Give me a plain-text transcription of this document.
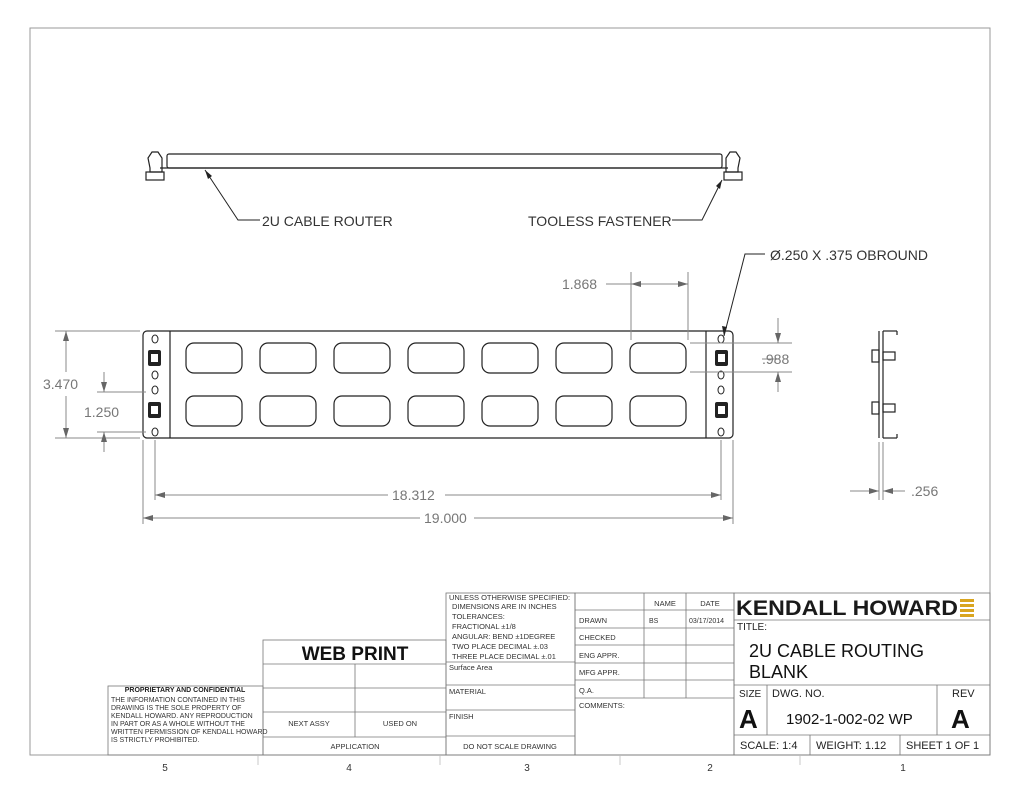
2U CABLE ROUTER	TOOLESS FASTENER
Ø.250 X .375 OBROUND
1.868
.988
3.470
1.250
18.312
19.000
.256
PROPRIETARY AND CONFIDENTIAL
THE INFORMATION CONTAINED IN THIS
DRAWING IS THE SOLE PROPERTY OF
KENDALL HOWARD. ANY REPRODUCTION
IN PART OR AS A WHOLE WITHOUT THE
WRITTEN PERMISSION OF KENDALL HOWARD
IS STRICTLY PROHIBITED.
WEB PRINT
NEXT ASSY	USED ON
APPLICATION
UNLESS OTHERWISE SPECIFIED:
DIMENSIONS ARE IN INCHES
TOLERANCES:
FRACTIONAL ±1/8
ANGULAR: BEND ±1DEGREE
TWO PLACE DECIMAL ±.03
THREE PLACE DECIMAL ±.01
Surface Area
MATERIAL
FINISH
DO NOT SCALE DRAWING
NAME	DATE
DRAWN	BS	03/17/2014
CHECKED
ENG APPR.
MFG APPR.
Q.A.
COMMENTS:
KENDALL HOWARD
TITLE:
2U CABLE ROUTING
BLANK
SIZE
A
DWG. NO.
1902-1-002-02 WP
REV
A
SCALE: 1:4 WEIGHT: 1.12 SHEET 1 OF 1
5	4	3	2	1
